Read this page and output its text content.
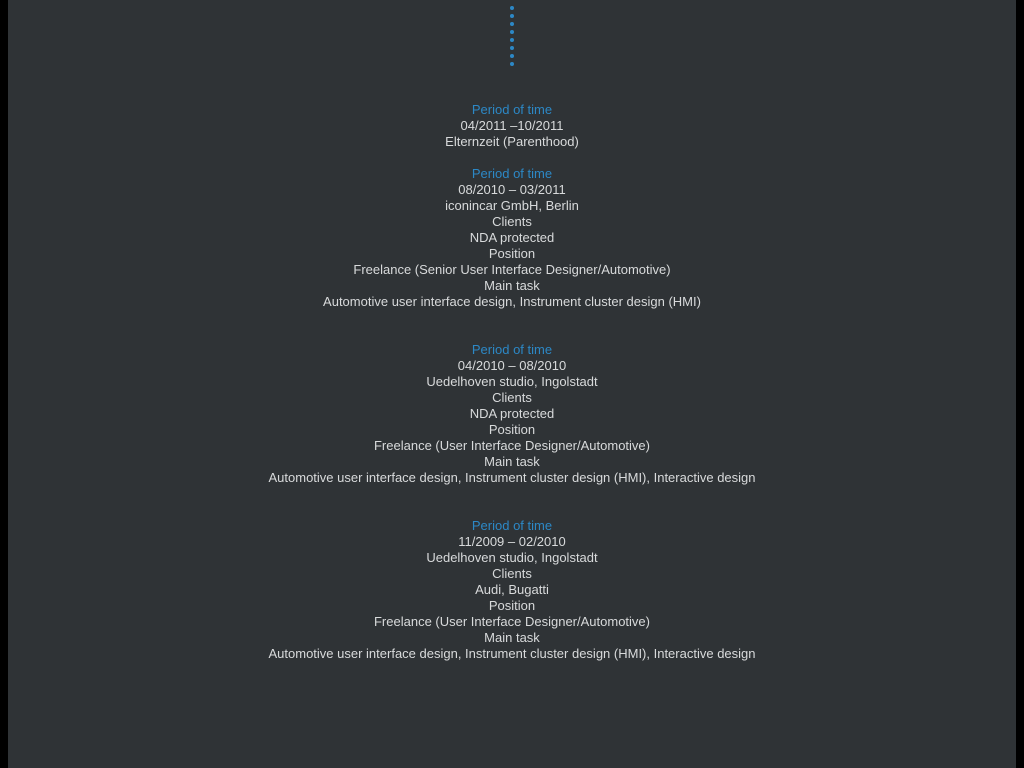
Period of time
04/2011 –10/2011
Elternzeit (Parenthood)
Period of time
08/2010 – 03/2011
iconincar GmbH, Berlin
Clients
NDA protected
Position
Freelance (Senior User Interface Designer/Automotive)
Main task
Automotive user interface design, Instrument cluster design (HMI)
Period of time
04/2010 – 08/2010
Uedelhoven studio, Ingolstadt
Clients
NDA protected
Position
Freelance (User Interface Designer/Automotive)
Main task
Automotive user interface design, Instrument cluster design (HMI), Interactive design
Period of time
11/2009 – 02/2010
Uedelhoven studio, Ingolstadt
Clients
Audi, Bugatti
Position
Freelance (User Interface Designer/Automotive)
Main task
Automotive user interface design, Instrument cluster design (HMI), Interactive design
